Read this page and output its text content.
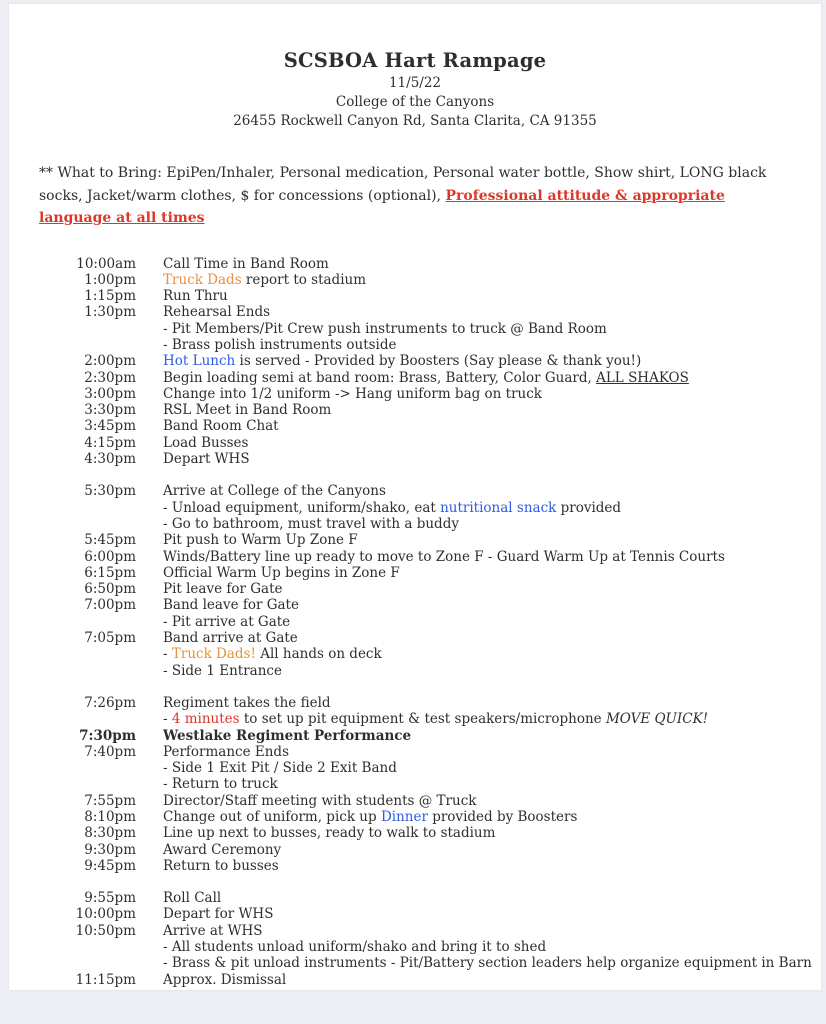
SCSBOA Hart Rampage
11/5/22
College of the Canyons
26455 Rockwell Canyon Rd, Santa Clarita, CA 91355
** What to Bring: EpiPen/Inhaler, Personal medication, Personal water bottle, Show shirt, LONG black socks, Jacket/warm clothes, $ for concessions (optional), Professional attitude & appropriate language at all times
10:00am Call Time in Band Room
1:00pm Truck Dads report to stadium
1:15pm Run Thru
1:30pm Rehearsal Ends
- Pit Members/Pit Crew push instruments to truck @ Band Room
- Brass polish instruments outside
2:00pm Hot Lunch is served - Provided by Boosters (Say please & thank you!)
2:30pm Begin loading semi at band room: Brass, Battery, Color Guard, ALL SHAKOS
3:00pm Change into 1/2 uniform -> Hang uniform bag on truck
3:30pm RSL Meet in Band Room
3:45pm Band Room Chat
4:15pm Load Busses
4:30pm Depart WHS
5:30pm Arrive at College of the Canyons
- Unload equipment, uniform/shako, eat nutritional snack provided
- Go to bathroom, must travel with a buddy
5:45pm Pit push to Warm Up Zone F
6:00pm Winds/Battery line up ready to move to Zone F - Guard Warm Up at Tennis Courts
6:15pm Official Warm Up begins in Zone F
6:50pm Pit leave for Gate
7:00pm Band leave for Gate
- Pit arrive at Gate
7:05pm Band arrive at Gate
- Truck Dads! All hands on deck
- Side 1 Entrance
7:26pm Regiment takes the field
- 4 minutes to set up pit equipment & test speakers/microphone MOVE QUICK!
7:30pm Westlake Regiment Performance
7:40pm Performance Ends
- Side 1 Exit Pit / Side 2 Exit Band
- Return to truck
7:55pm Director/Staff meeting with students @ Truck
8:10pm Change out of uniform, pick up Dinner provided by Boosters
8:30pm Line up next to busses, ready to walk to stadium
9:30pm Award Ceremony
9:45pm Return to busses
9:55pm Roll Call
10:00pm Depart for WHS
10:50pm Arrive at WHS
- All students unload uniform/shako and bring it to shed
- Brass & pit unload instruments - Pit/Battery section leaders help organize equipment in Barn
11:15pm Approx. Dismissal
